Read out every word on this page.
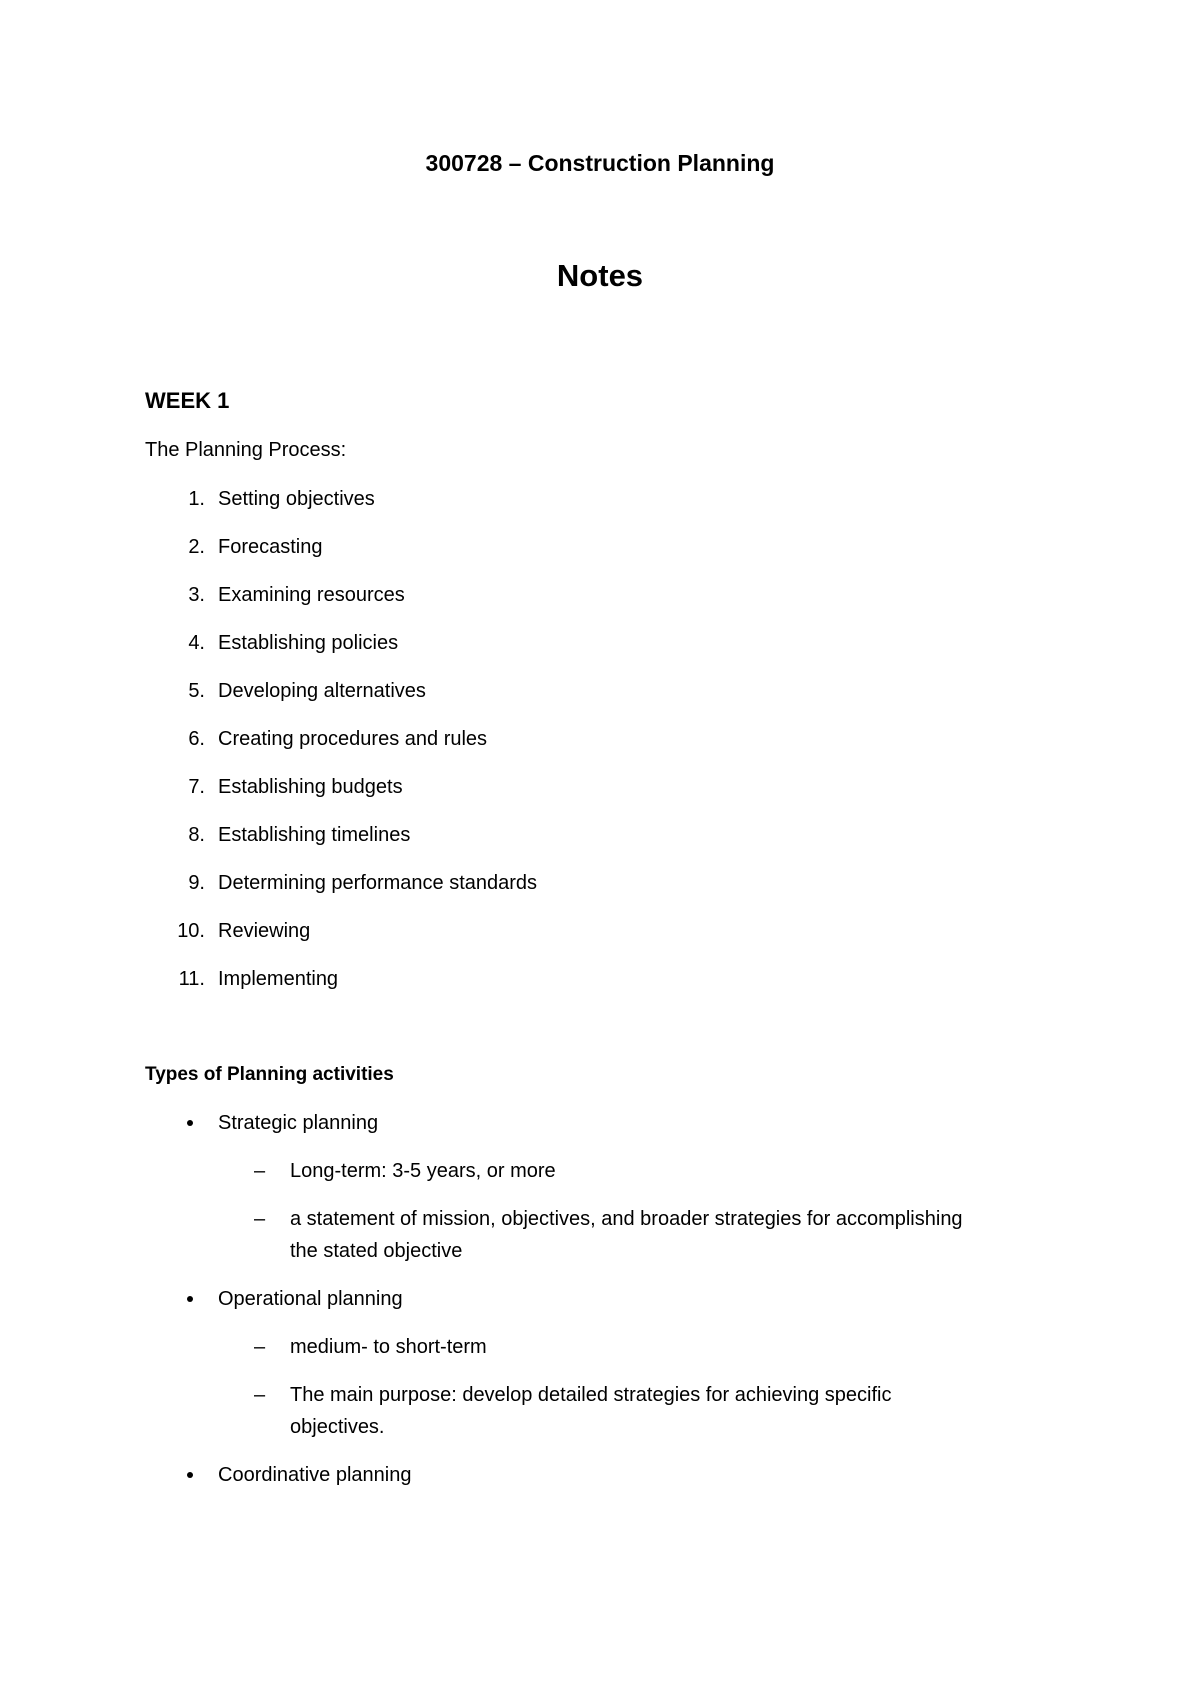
300728 – Construction Planning
Notes
WEEK 1
The Planning Process:
1. Setting objectives
2. Forecasting
3. Examining resources
4. Establishing policies
5. Developing alternatives
6. Creating procedures and rules
7. Establishing budgets
8. Establishing timelines
9. Determining performance standards
10. Reviewing
11. Implementing
Types of Planning activities
Strategic planning
– Long-term: 3-5 years, or more
– a statement of mission, objectives, and broader strategies for accomplishing
the stated objective
Operational planning
– medium- to short-term
– The main purpose: develop detailed strategies for achieving specific
objectives.
Coordinative planning
